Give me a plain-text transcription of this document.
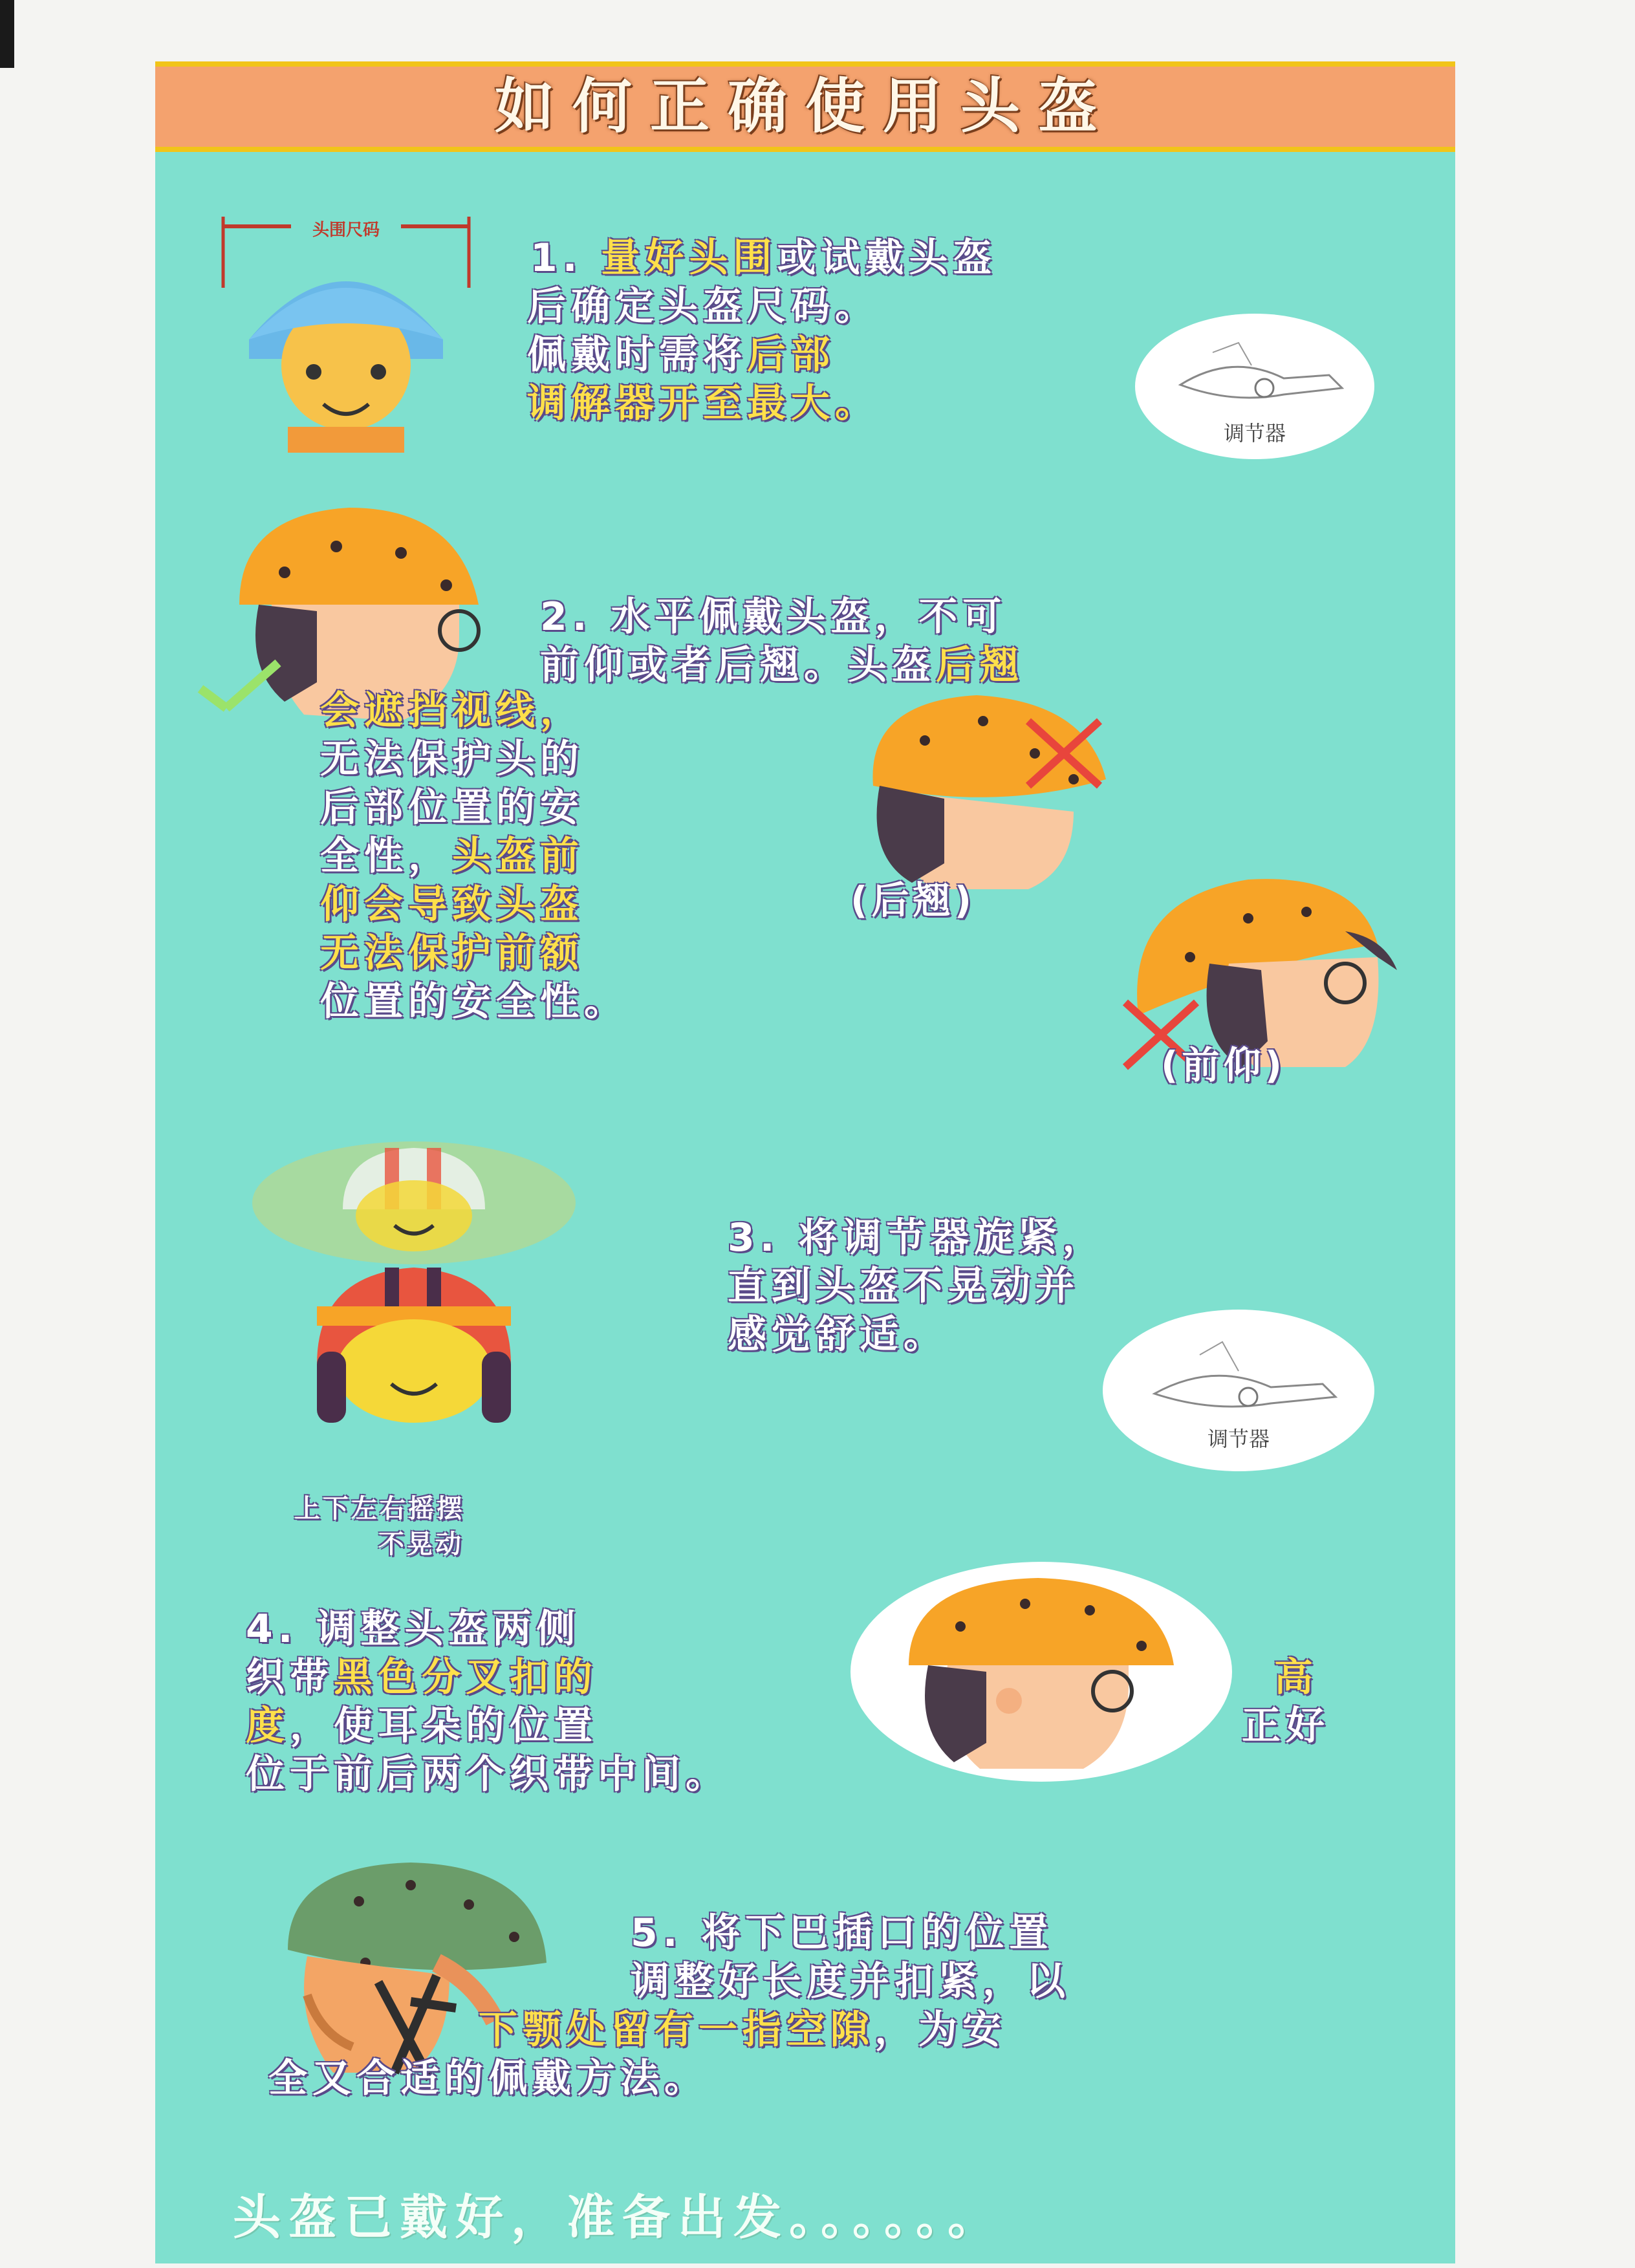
如何正确使用头盔
头围尺码
1. 量好头围或试戴头盔
后确定头盔尺码。
佩戴时需将后部
调解器开至最大。
调节器
2. 水平佩戴头盔，不可
前仰或者后翘。头盔后翘
会遮挡视线，
无法保护头的
后部位置的安
全性，头盔前
仰会导致头盔
无法保护前额
位置的安全性。
(后翘)
(前仰)
上下左右摇摆
不晃动
3. 将调节器旋紧，
直到头盔不晃动并
感觉舒适。
调节器
4. 调整头盔两侧
织带黑色分叉扣的
度，使耳朵的位置
位于前后两个织带中间。
高
正好
5. 将下巴插口的位置
调整好长度并扣紧，以
下颚处留有一指空隙，为安
全又合适的佩戴方法。
头盔已戴好，准备出发。。。。。。
